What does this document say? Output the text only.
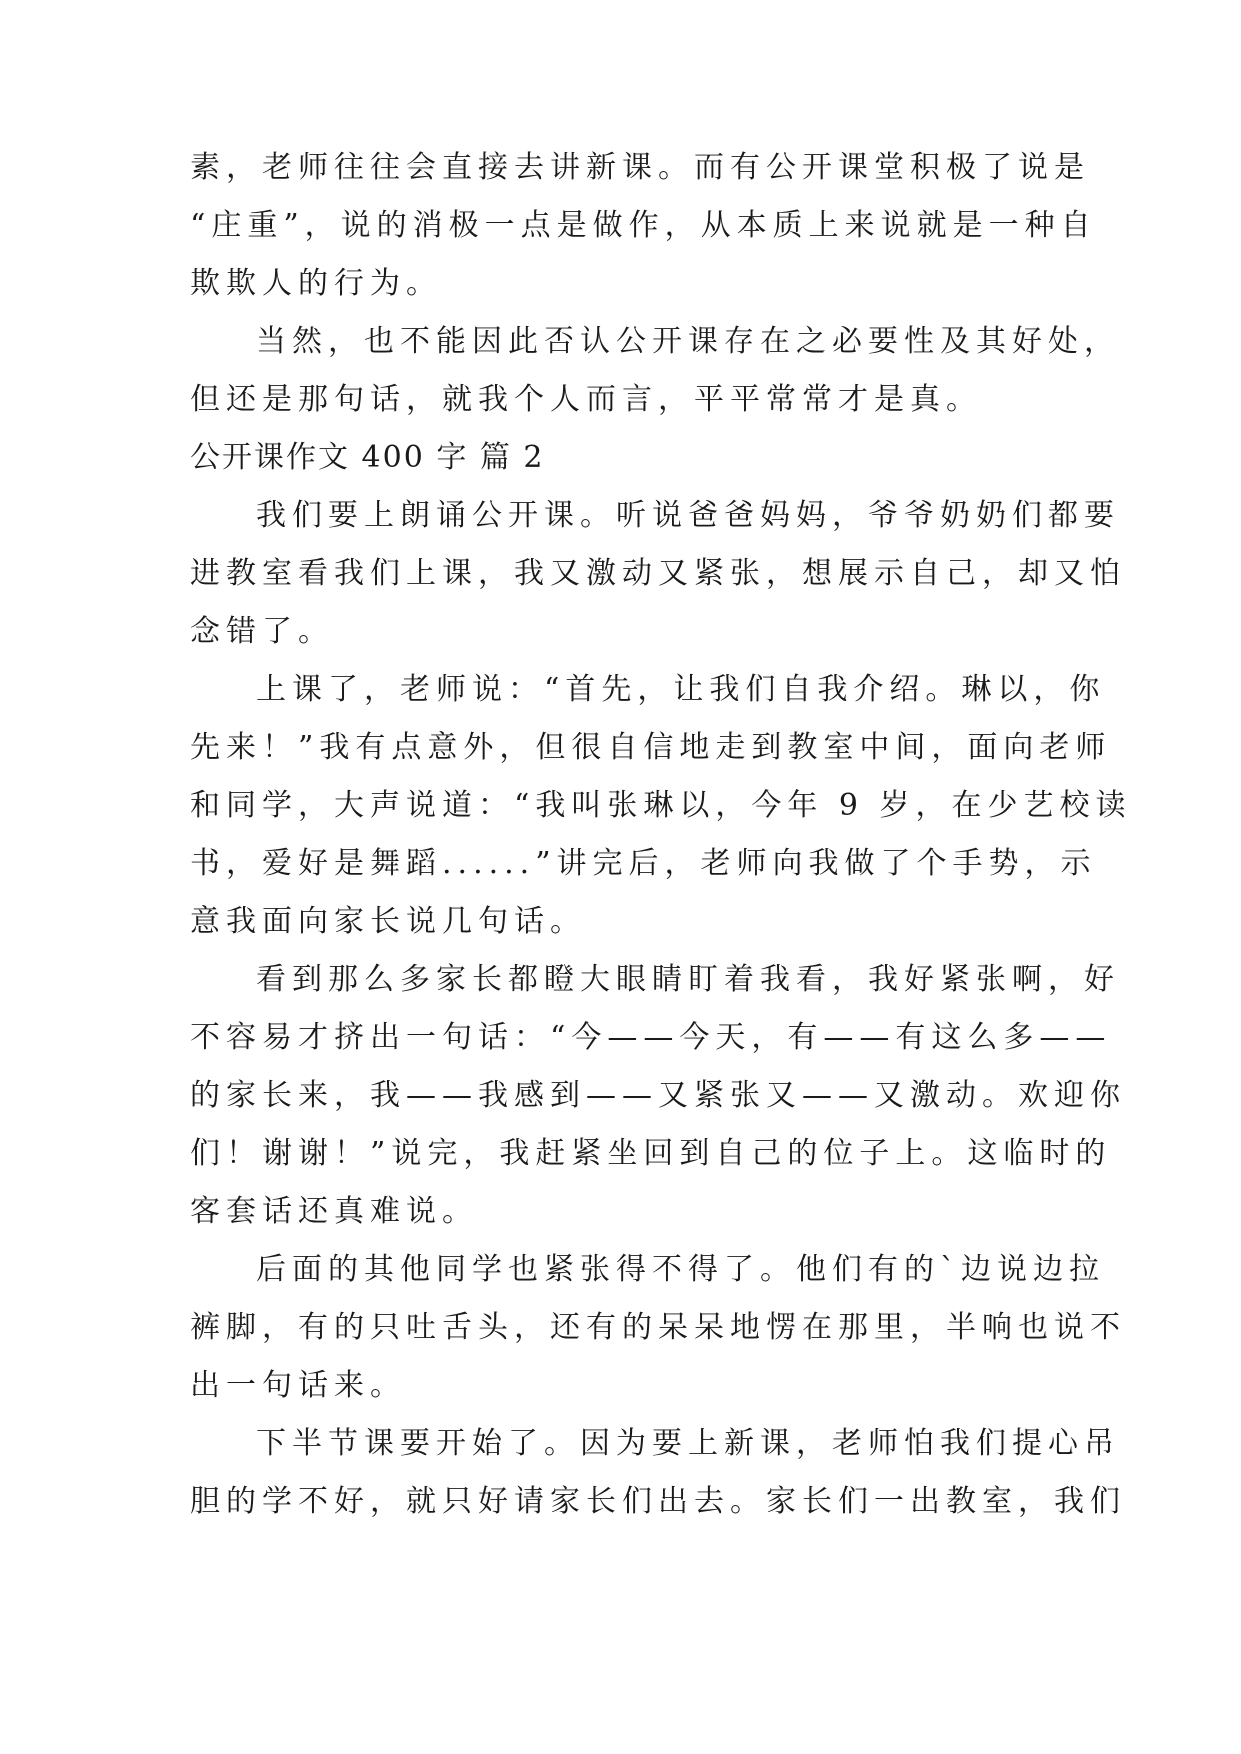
素，老师往往会直接去讲新课。而有公开课堂积极了说是
“庄重”，说的消极一点是做作，从本质上来说就是一种自
欺欺人的行为。
当然，也不能因此否认公开课存在之必要性及其好处，
但还是那句话，就我个人而言，平平常常才是真。
公开课作文 400 字 篇 2
我们要上朗诵公开课。听说爸爸妈妈，爷爷奶奶们都要
进教室看我们上课，我又激动又紧张，想展示自己，却又怕
念错了。
上课了，老师说：“首先，让我们自我介绍。琳以，你
先来！”我有点意外，但很自信地走到教室中间，面向老师
和同学，大声说道：“我叫张琳以，今年 9 岁，在少艺校读
书，爱好是舞蹈......”讲完后，老师向我做了个手势，示
意我面向家长说几句话。
看到那么多家长都瞪大眼睛盯着我看，我好紧张啊，好
不容易才挤出一句话：“今——今天，有——有这么多——
的家长来，我——我感到——又紧张又——又激动。欢迎你
们！谢谢！”说完，我赶紧坐回到自己的位子上。这临时的
客套话还真难说。
后面的其他同学也紧张得不得了。他们有的`边说边拉
裤脚，有的只吐舌头，还有的呆呆地愣在那里，半响也说不
出一句话来。
下半节课要开始了。因为要上新课，老师怕我们提心吊
胆的学不好，就只好请家长们出去。家长们一出教室，我们
